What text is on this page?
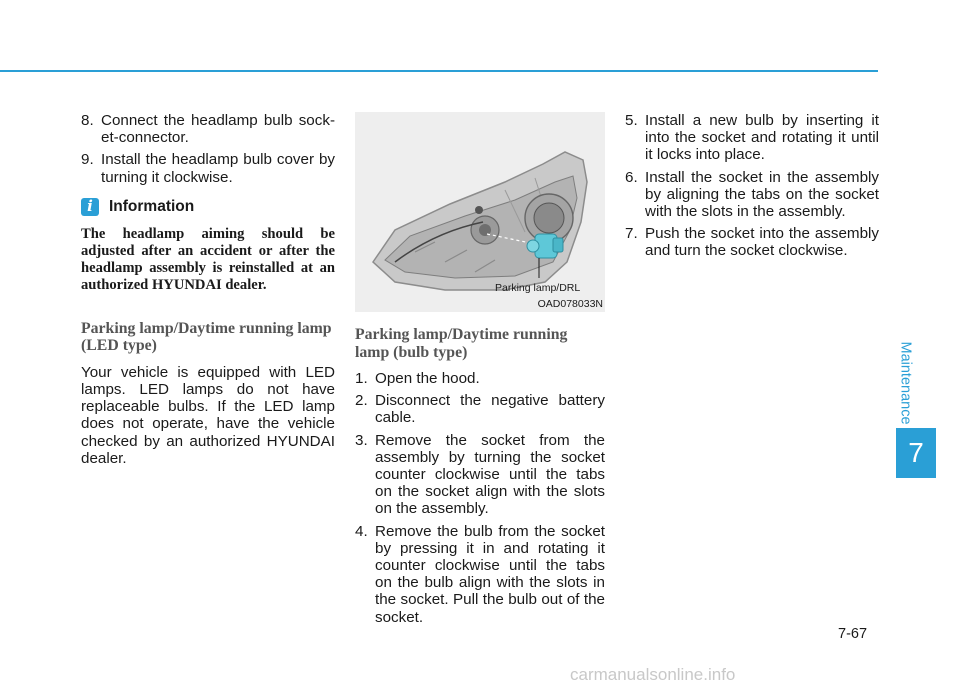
8. Connect the headlamp bulb sock-et-connector.
9. Install the headlamp bulb cover by turning it clockwise.
i	Information

The headlamp aiming should be adjusted after an accident or after the headlamp assembly is reinstalled at an authorized HYUNDAI dealer.

Parking lamp/Daytime running lamp (LED type)

Your vehicle is equipped with LED lamps. LED lamps do not have replaceable bulbs. If the LED lamp does not operate, have the vehicle checked by an authorized HYUNDAI dealer.

Parking lamp/DRL
OAD078033N
Parking lamp/Daytime running lamp (bulb type)
1. Open the hood.
2. Disconnect the negative battery cable.
3. Remove the socket from the assembly by turning the socket counter clockwise until the tabs on the socket align with the slots on the assembly.
4. Remove the bulb from the socket by pressing it in and rotating it counter clockwise until the tabs on the bulb align with the slots in the socket. Pull the bulb out of the socket.
5. Install a new bulb by inserting it into the socket and rotating it until it locks into place.
6. Install the socket in the assembly by aligning the tabs on the socket with the slots in the assembly.
7. Push the socket into the assembly and turn the socket clockwise.
Maintenance
7
7-67
carmanualsonline.info
